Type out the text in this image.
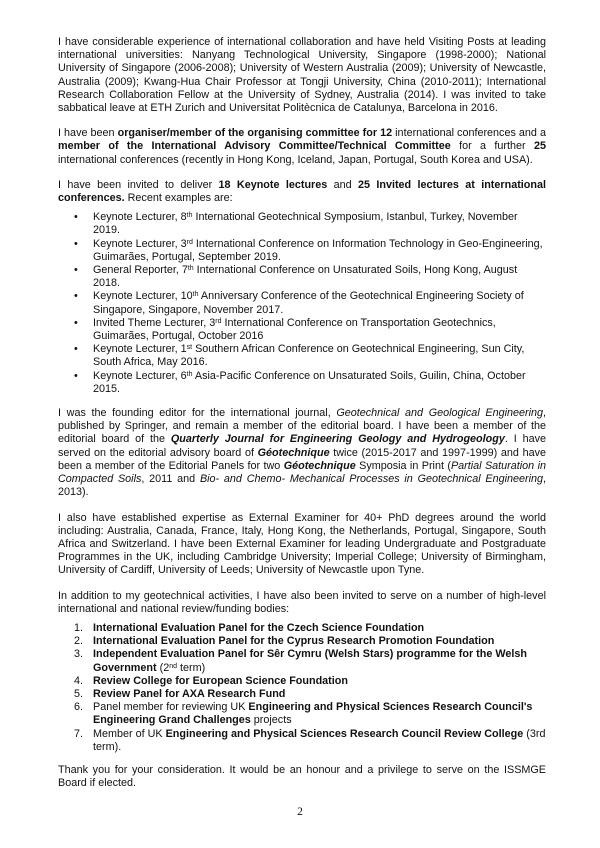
I have considerable experience of international collaboration and have held Visiting Posts at leading international universities: Nanyang Technological University, Singapore (1998-2000); National University of Singapore (2006-2008); University of Western Australia (2009); University of Newcastle, Australia (2009); Kwang-Hua Chair Professor at Tongji University, China (2010-2011); International Research Collaboration Fellow at the University of Sydney, Australia (2014). I was invited to take sabbatical leave at ETH Zurich and Universitat Politècnica de Catalunya, Barcelona in 2016.

I have been organiser/member of the organising committee for 12 international conferences and a member of the International Advisory Committee/Technical Committee for a further 25 international conferences (recently in Hong Kong, Iceland, Japan, Portugal, South Korea and USA).

I have been invited to deliver 18 Keynote lectures and 25 Invited lectures at international conferences. Recent examples are:

• Keynote Lecturer, 8th International Geotechnical Symposium, Istanbul, Turkey, November 2019.
• Keynote Lecturer, 3rd International Conference on Information Technology in Geo-Engineering, Guimarães, Portugal, September 2019.
• General Reporter, 7th International Conference on Unsaturated Soils, Hong Kong, August 2018.
• Keynote Lecturer, 10th Anniversary Conference of the Geotechnical Engineering Society of Singapore, Singapore, November 2017.
• Invited Theme Lecturer, 3rd International Conference on Transportation Geotechnics, Guimarães, Portugal, October 2016
• Keynote Lecturer, 1st Southern African Conference on Geotechnical Engineering, Sun City, South Africa, May 2016.
• Keynote Lecturer, 6th Asia-Pacific Conference on Unsaturated Soils, Guilin, China, October 2015.

I was the founding editor for the international journal, Geotechnical and Geological Engineering, published by Springer, and remain a member of the editorial board. I have been a member of the editorial board of the Quarterly Journal for Engineering Geology and Hydrogeology. I have served on the editorial advisory board of Géotechnique twice (2015-2017 and 1997-1999) and have been a member of the Editorial Panels for two Géotechnique Symposia in Print (Partial Saturation in Compacted Soils, 2011 and Bio- and Chemo- Mechanical Processes in Geotechnical Engineering, 2013).

I also have established expertise as External Examiner for 40+ PhD degrees around the world including: Australia, Canada, France, Italy, Hong Kong, the Netherlands, Portugal, Singapore, South Africa and Switzerland. I have been External Examiner for leading Undergraduate and Postgraduate Programmes in the UK, including Cambridge University; Imperial College; University of Birmingham, University of Cardiff, University of Leeds; University of Newcastle upon Tyne.

In addition to my geotechnical activities, I have also been invited to serve on a number of high-level international and national review/funding bodies:

1. International Evaluation Panel for the Czech Science Foundation
2. International Evaluation Panel for the Cyprus Research Promotion Foundation
3. Independent Evaluation Panel for Sêr Cymru (Welsh Stars) programme for the Welsh Government (2nd term)
4. Review College for European Science Foundation
5. Review Panel for AXA Research Fund
6. Panel member for reviewing UK Engineering and Physical Sciences Research Council's Engineering Grand Challenges projects
7. Member of UK Engineering and Physical Sciences Research Council Review College (3rd term).

Thank you for your consideration. It would be an honour and a privilege to serve on the ISSMGE Board if elected.

2
